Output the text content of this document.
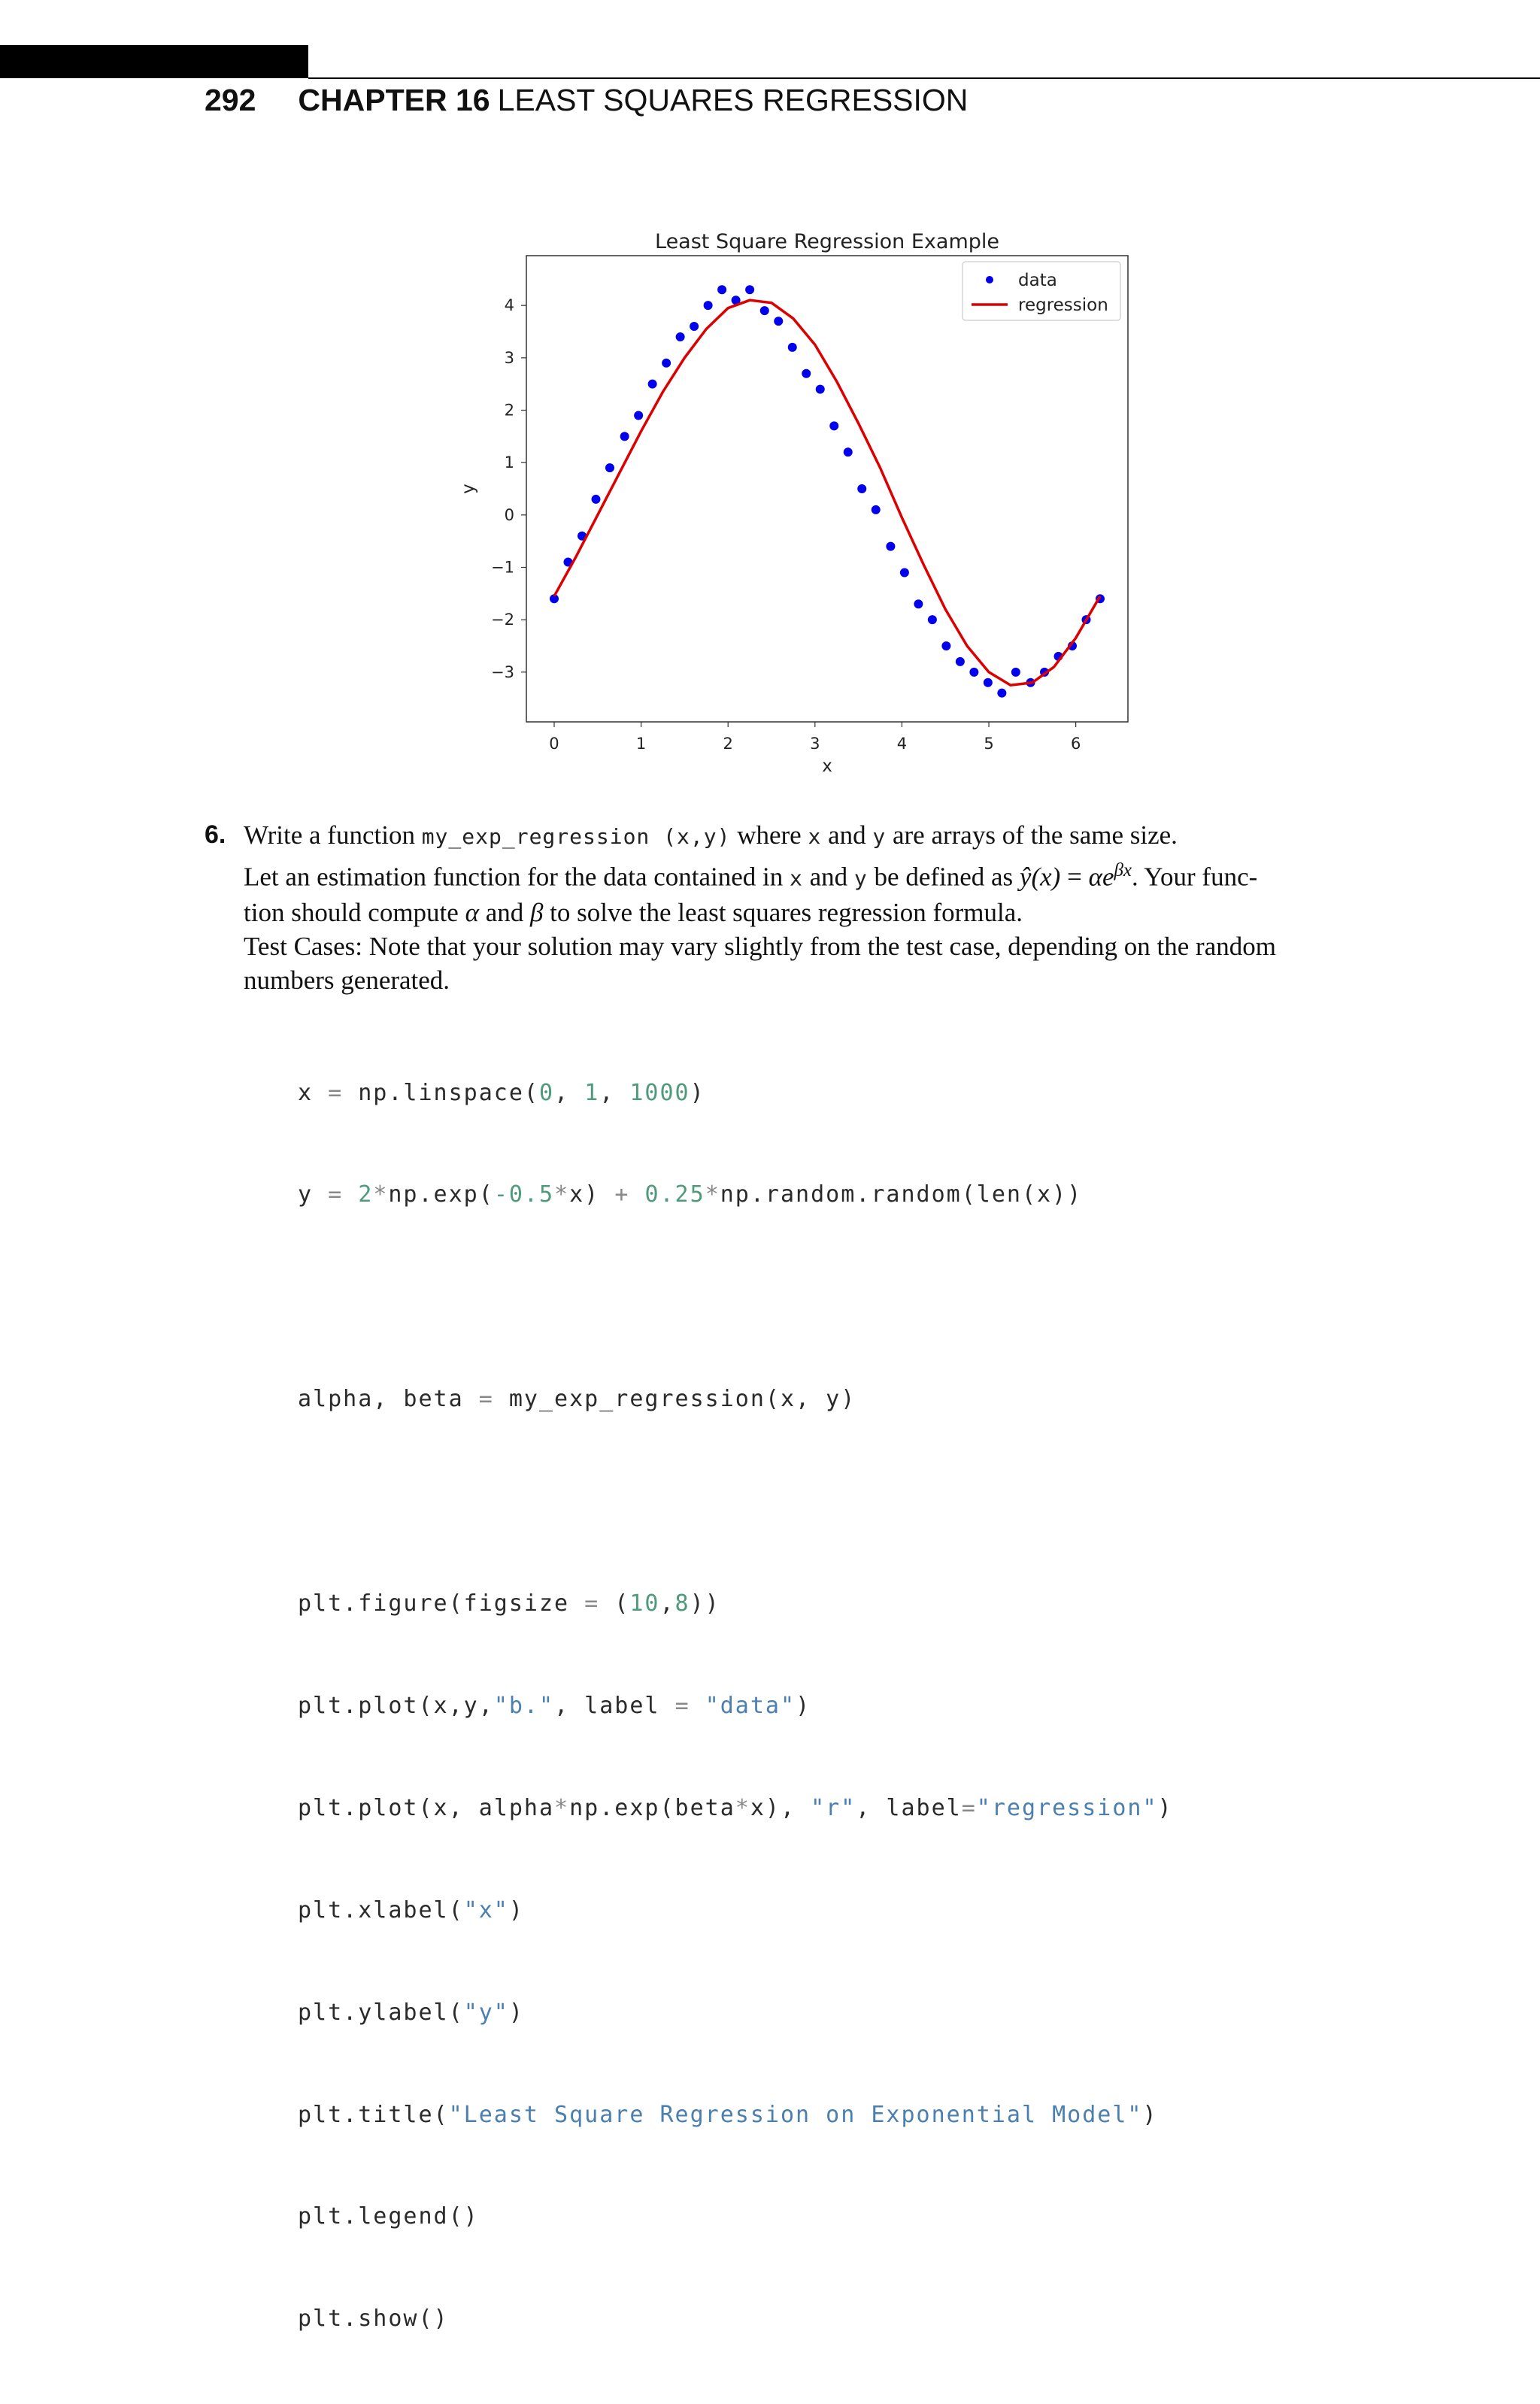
292 CHAPTER 16 LEAST SQUARES REGRESSION
Least Square Regression Example
0	1	2	3	4	5	6
−3
−2
−1
0
1
2
3
4
x
y
data
regression
6. Write a function my_exp_regression (x,y) where x and y are arrays of the same size.
Let an estimation function for the data contained in x and y be defined as ŷ(x) = $\alpha e^{\beta x}$. Your func-
tion should compute α and β to solve the least squares regression formula.
Test Cases: Note that your solution may vary slightly from the test case, depending on the random
numbers generated.

x = np.linspace(0, 1, 1000)

y = 2*np.exp(-0.5*x) + 0.25*np.random.random(len(x))

alpha, beta = my_exp_regression(x, y)

plt.figure(figsize = (10,8))

plt.plot(x,y,"b.", label = "data")

plt.plot(x, alpha*np.exp(beta*x), "r", label="regression")

plt.xlabel("x")

plt.ylabel("y")

plt.title("Least Square Regression on Exponential Model")

plt.legend()

plt.show()
